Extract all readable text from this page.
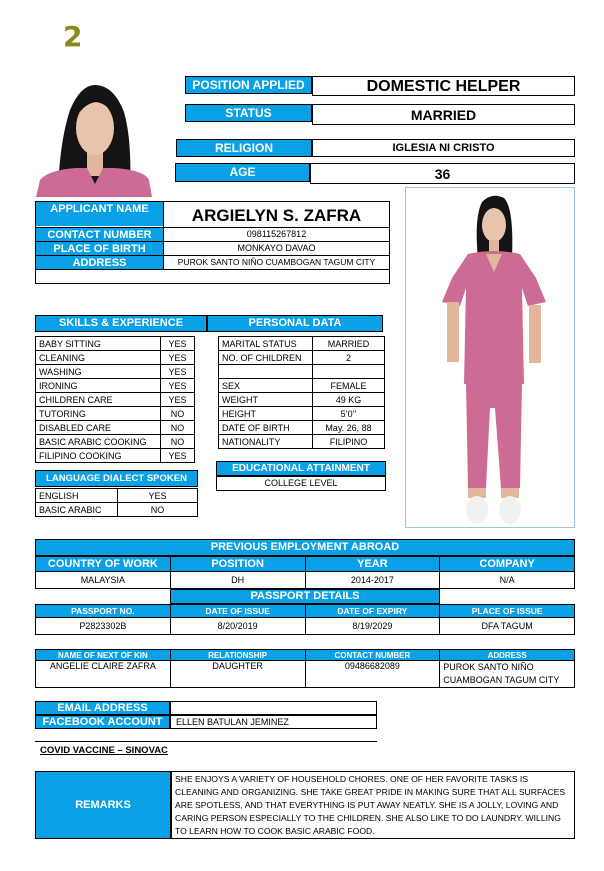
2
POSITION APPLIED	DOMESTIC HELPER
STATUS	MARRIED
RELIGION	IGLESIA NI CRISTO
AGE	36
APPLICANT NAME	ARGIELYN S. ZAFRA
CONTACT NUMBER	098115267812
PLACE OF BIRTH	MONKAYO DAVAO
ADDRESS	PUROK SANTO NIÑO CUAMBOGAN TAGUM CITY
SKILLS & EXPERIENCE	PERSONAL DATA
BABY SITTING	YES
CLEANING	YES
WASHING	YES
IRONING	YES
CHILDREN CARE	YES
TUTORING	NO
DISABLED CARE	NO
BASIC ARABIC COOKING	NO
FILIPINO COOKING	YES
MARITAL STATUS	MARRIED
NO. OF CHILDREN	2

SEX	FEMALE
WEIGHT	49 KG
HEIGHT	5’0’’
DATE OF BIRTH	May. 26, 88
NATIONALITY	FILIPINO
LANGUAGE DIALECT SPOKEN
ENGLISH	YES
BASIC ARABIC	NO
EDUCATIONAL ATTAINMENT
COLLEGE LEVEL
PREVIOUS EMPLOYMENT ABROAD
COUNTRY OF WORK	POSITION	YEAR	COMPANY
MALAYSIA	DH	2014-2017	N/A
PASSPORT DETAILS
PASSPORT NO.	DATE OF ISSUE	DATE OF EXPIRY	PLACE OF ISSUE
P2823302B	8/20/2019	8/19/2029	DFA TAGUM
NAME OF NEXT OF KIN	RELATIONSHIP	CONTACT NUMBER	ADDRESS
ANGELIE CLAIRE ZAFRA	DAUGHTER	09486682089	PUROK SANTO NIÑO CUAMBOGAN TAGUM CITY
EMAIL ADDRESS
FACEBOOK ACCOUNT	ELLEN BATULAN JEMINEZ
COVID VACCINE – SINOVAC
REMARKS
SHE ENJOYS A VARIETY OF HOUSEHOLD CHORES. ONE OF HER FAVORITE TASKS IS CLEANING AND ORGANIZING. SHE TAKE GREAT PRIDE IN MAKING SURE THAT ALL SURFACES ARE SPOTLESS, AND THAT EVERYTHING IS PUT AWAY NEATLY. SHE IS A JOLLY, LOVING AND CARING PERSON ESPECIALLY TO THE CHILDREN. SHE ALSO LIKE TO DO LAUNDRY. WILLING TO LEARN HOW TO COOK BASIC ARABIC FOOD.
